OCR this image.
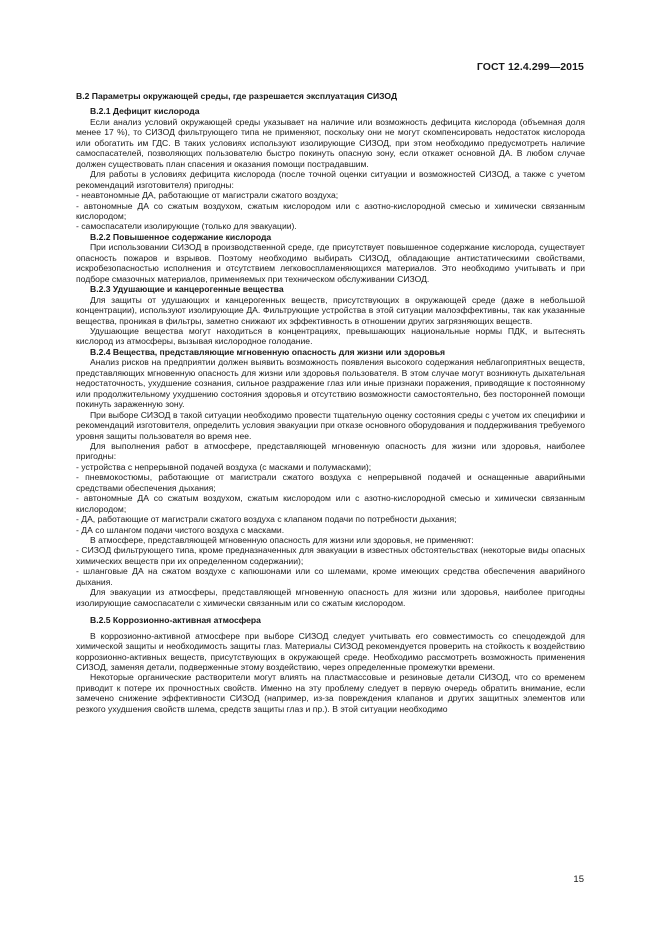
ГОСТ 12.4.299—2015

В.2 Параметры окружающей среды, где разрешается эксплуатация СИЗОД

В.2.1 Дефицит кислорода

Если анализ условий окружающей среды указывает на наличие или возможность дефицита кислорода (объемная доля менее 17 %), то СИЗОД фильтрующего типа не применяют, поскольку они не могут скомпенсировать недостаток кислорода или обогатить им ГДС. В таких условиях используют изолирующие СИЗОД, при этом необходимо предусмотреть наличие самоспасателей, позволяющих пользователю быстро покинуть опасную зону, если откажет основной ДА. В любом случае должен существовать план спасения и оказания помощи пострадавшим.

Для работы в условиях дефицита кислорода (после точной оценки ситуации и возможностей СИЗОД, а также с учетом рекомендаций изготовителя) пригодны:

- неавтономные ДА, работающие от магистрали сжатого воздуха;

- автономные ДА со сжатым воздухом, сжатым кислородом или с азотно-кислородной смесью и химически связанным кислородом;

- самоспасатели изолирующие (только для эвакуации).

В.2.2 Повышенное содержание кислорода

При использовании СИЗОД в производственной среде, где присутствует повышенное содержание кислорода, существует опасность пожаров и взрывов. Поэтому необходимо выбирать СИЗОД, обладающие антистатическими свойствами, искробезопасностью исполнения и отсутствием легковоспламеняющихся материалов. Это необходимо учитывать и при подборе смазочных материалов, применяемых при техническом обслуживании СИЗОД.

В.2.3 Удушающие и канцерогенные вещества

Для защиты от удушающих и канцерогенных веществ, присутствующих в окружающей среде (даже в небольшой концентрации), используют изолирующие ДА. Фильтрующие устройства в этой ситуации малоэффективны, так как указанные вещества, проникая в фильтры, заметно снижают их эффективность в отношении других загрязняющих веществ.

Удушающие вещества могут находиться в концентрациях, превышающих национальные нормы ПДК, и вытеснять кислород из атмосферы, вызывая кислородное голодание.

В.2.4 Вещества, представляющие мгновенную опасность для жизни или здоровья

Анализ рисков на предприятии должен выявить возможность появления высокого содержания неблагоприятных веществ, представляющих мгновенную опасность для жизни или здоровья пользователя. В этом случае могут возникнуть дыхательная недостаточность, ухудшение сознания, сильное раздражение глаз или иные признаки поражения, приводящие к постоянному или продолжительному ухудшению состояния здоровья и отсутствию возможности самостоятельно, без посторонней помощи покинуть зараженную зону.

При выборе СИЗОД в такой ситуации необходимо провести тщательную оценку состояния среды с учетом их специфики и рекомендаций изготовителя, определить условия эвакуации при отказе основного оборудования и поддерживания требуемого уровня защиты пользователя во время нее.

Для выполнения работ в атмосфере, представляющей мгновенную опасность для жизни или здоровья, наиболее пригодны:

- устройства с непрерывной подачей воздуха (с масками и полумасками);

- пневмокостюмы, работающие от магистрали сжатого воздуха с непрерывной подачей и оснащенные аварийными средствами обеспечения дыхания;

- автономные ДА со сжатым воздухом, сжатым кислородом или с азотно-кислородной смесью и химически связанным кислородом;

- ДА, работающие от магистрали сжатого воздуха с клапаном подачи по потребности дыхания;

- ДА со шлангом подачи чистого воздуха с масками.

В атмосфере, представляющей мгновенную опасность для жизни или здоровья, не применяют:

- СИЗОД фильтрующего типа, кроме предназначенных для эвакуации в известных обстоятельствах (некоторые виды опасных химических веществ при их определенном содержании);

- шланговые ДА на сжатом воздухе с капюшонами или со шлемами, кроме имеющих средства обеспечения аварийного дыхания.

Для эвакуации из атмосферы, представляющей мгновенную опасность для жизни или здоровья, наиболее пригодны изолирующие самоспасатели с химически связанным или со сжатым кислородом.

В.2.5 Коррозионно-активная атмосфера

В коррозионно-активной атмосфере при выборе СИЗОД следует учитывать его совместимость со спецодеждой для химической защиты и необходимость защиты глаз. Материалы СИЗОД рекомендуется проверить на стойкость к воздействию коррозионно-активных веществ, присутствующих в окружающей среде. Необходимо рассмотреть возможность применения СИЗОД, заменяя детали, подверженные этому воздействию, через определенные промежутки времени.

Некоторые органические растворители могут влиять на пластмассовые и резиновые детали СИЗОД, что со временем приводит к потере их прочностных свойств. Именно на эту проблему следует в первую очередь обратить внимание, если замечено снижение эффективности СИЗОД (например, из-за повреждения клапанов и других защитных элементов или резкого ухудшения свойств шлема, средств защиты глаз и пр.). В этой ситуации необходимо

15
